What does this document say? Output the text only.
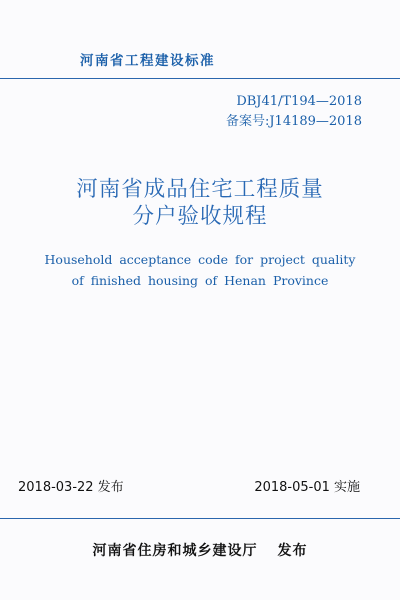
河南省工程建设标准
DBJ41/T194—2018
备案号:J14189—2018
河南省成品住宅工程质量
分户验收规程
Household acceptance code for project quality
of finished housing of Henan Province
2018-03-22 发布	2018-05-01 实施
河南省住房和城乡建设厅 发布
